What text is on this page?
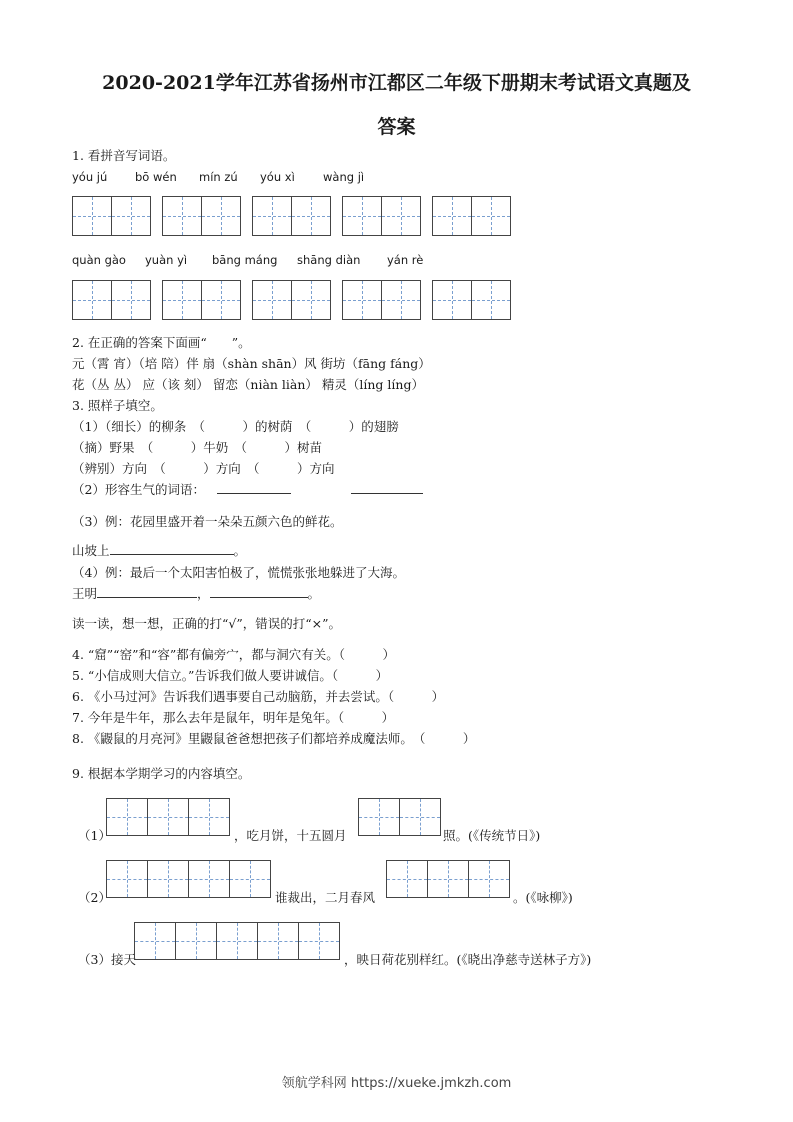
2020-2021学年江苏省扬州市江都区二年级下册期末考试语文真题及
答案
1. 看拼音写词语。
yóu jú bō wén mín zú yóu xì wàng jì
quàn gào yuàn yì bāng máng shāng diàn yán rè
2. 在正确的答案下面画“　　”。
元（霄 宵）（培 陪）伴 扇（shàn shān）风 街坊（fāng fáng）
花（丛 丛） 应（该 刻） 留恋（niàn liàn） 精灵（líng líng）
3. 照样子填空。
（1）（细长）的柳条　（　　　）的树荫　（　　　）的翅膀
（摘）野果　（　　　）牛奶　（　　　）树苗
（辨别）方向　（　　　）方向　（　　　）方向
（2）形容生气的词语：
（3）例：花园里盛开着一朵朵五颜六色的鲜花。
山坡上	。
（4）例：最后一个太阳害怕极了，慌慌张张地躲进了大海。
王明	，	。
读一读，想一想，正确的打“√”，错误的打“×”。
4. “窟”“窑”和“容”都有偏旁宀，都与洞穴有关。（　　　）
5. “小信成则大信立。”告诉我们做人要讲诚信。（　　　）
6. 《小马过河》告诉我们遇事要自己动脑筋，并去尝试。（　　　）
7. 今年是牛年，那么去年是鼠年，明年是兔年。（　　　）
8. 《鼹鼠的月亮河》里鼹鼠爸爸想把孩子们都培养成魔法师。　（　　　）
9. 根据本学期学习的内容填空。
（1）	，吃月饼，十五圆月	照。(《传统节日》)
（2）	谁裁出，二月春风	。(《咏柳》)
（3）接天	，映日荷花别样红。(《晓出净慈寺送林子方》)
领航学科网 https://xueke.jmkzh.com
